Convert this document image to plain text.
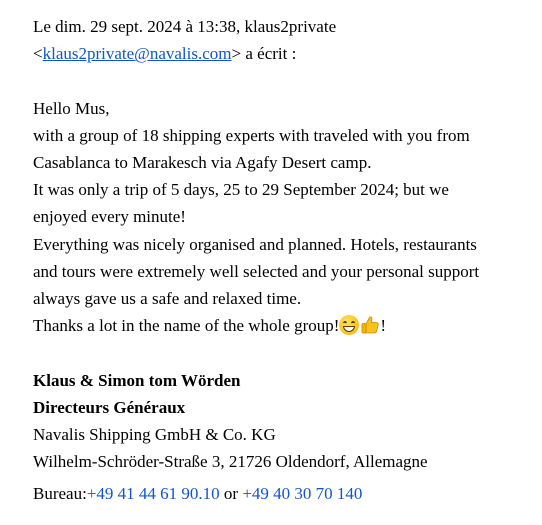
Le dim. 29 sept. 2024 à 13:38, klaus2private
<klaus2private@navalis.com> a écrit :
Hello Mus,
with a group of 18 shipping experts with traveled with you from
Casablanca to Marakesch via Agafy Desert camp.
It was only a trip of 5 days, 25 to 29 September 2024; but we
enjoyed every minute!
Everything was nicely organised and planned. Hotels, restaurants
and tours were extremely well selected and your personal support
always gave us a safe and relaxed time.
Thanks a lot in the name of the whole group! !
Klaus & Simon tom Wörden
Directeurs Généraux
Navalis Shipping GmbH & Co. KG
Wilhelm-Schröder-Straße 3, 21726 Oldendorf, Allemagne
Bureau:+49 41 44 61 90.10 or +49 40 30 70 140
